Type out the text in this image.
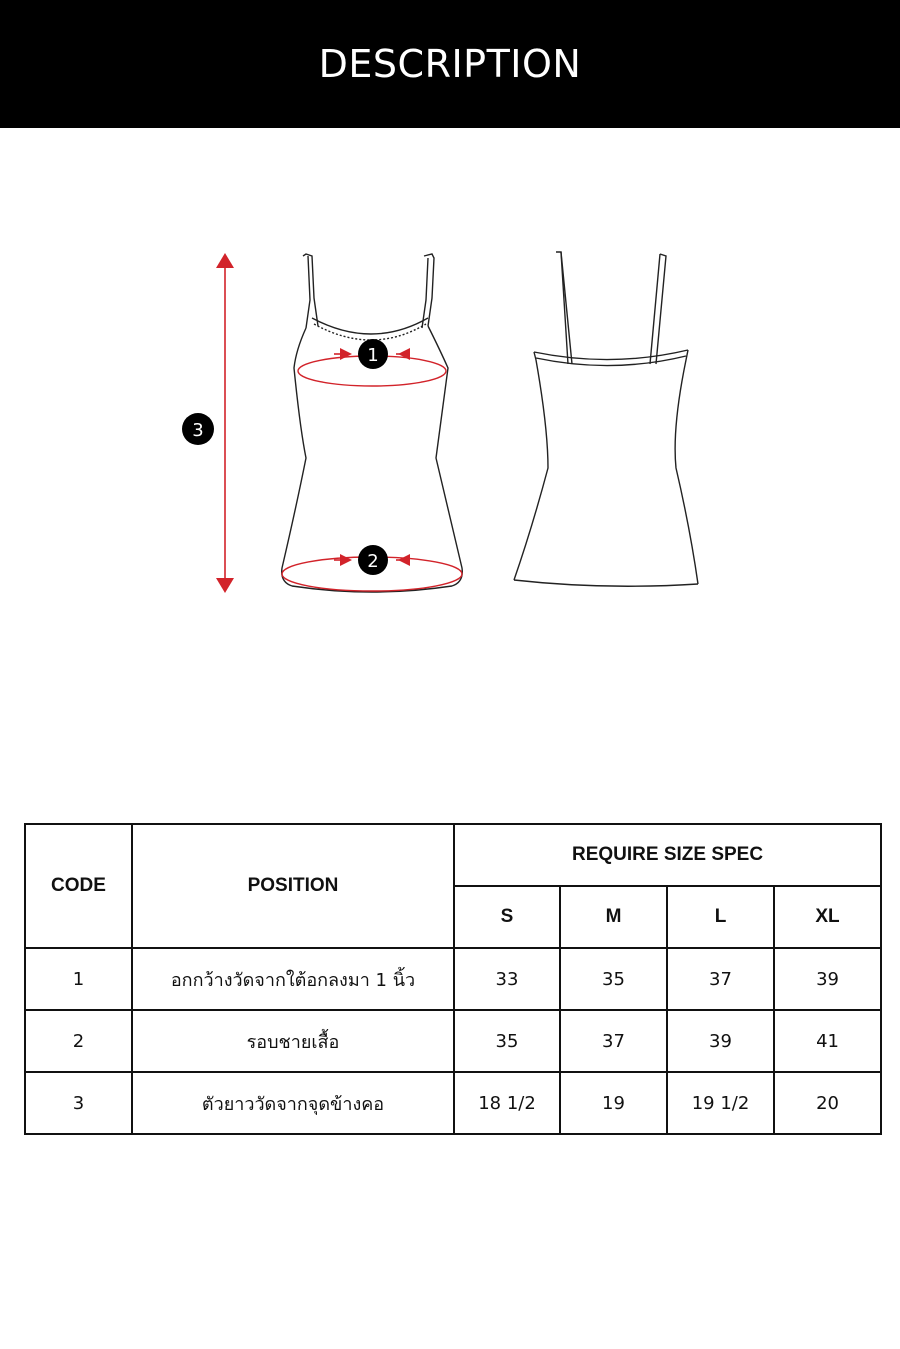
DESCRIPTION
3
1
2
CODE	POSITION	REQUIRE SIZE SPEC			
		S	M	L	XL
1	อกกว้างวัดจากใต้อกลงมา 1 นิ้ว	33	35	37	39
2	รอบชายเสื้อ	35	37	39	41
3	ตัวยาววัดจากจุดข้างคอ	18 1/2	19	19 1/2	20
